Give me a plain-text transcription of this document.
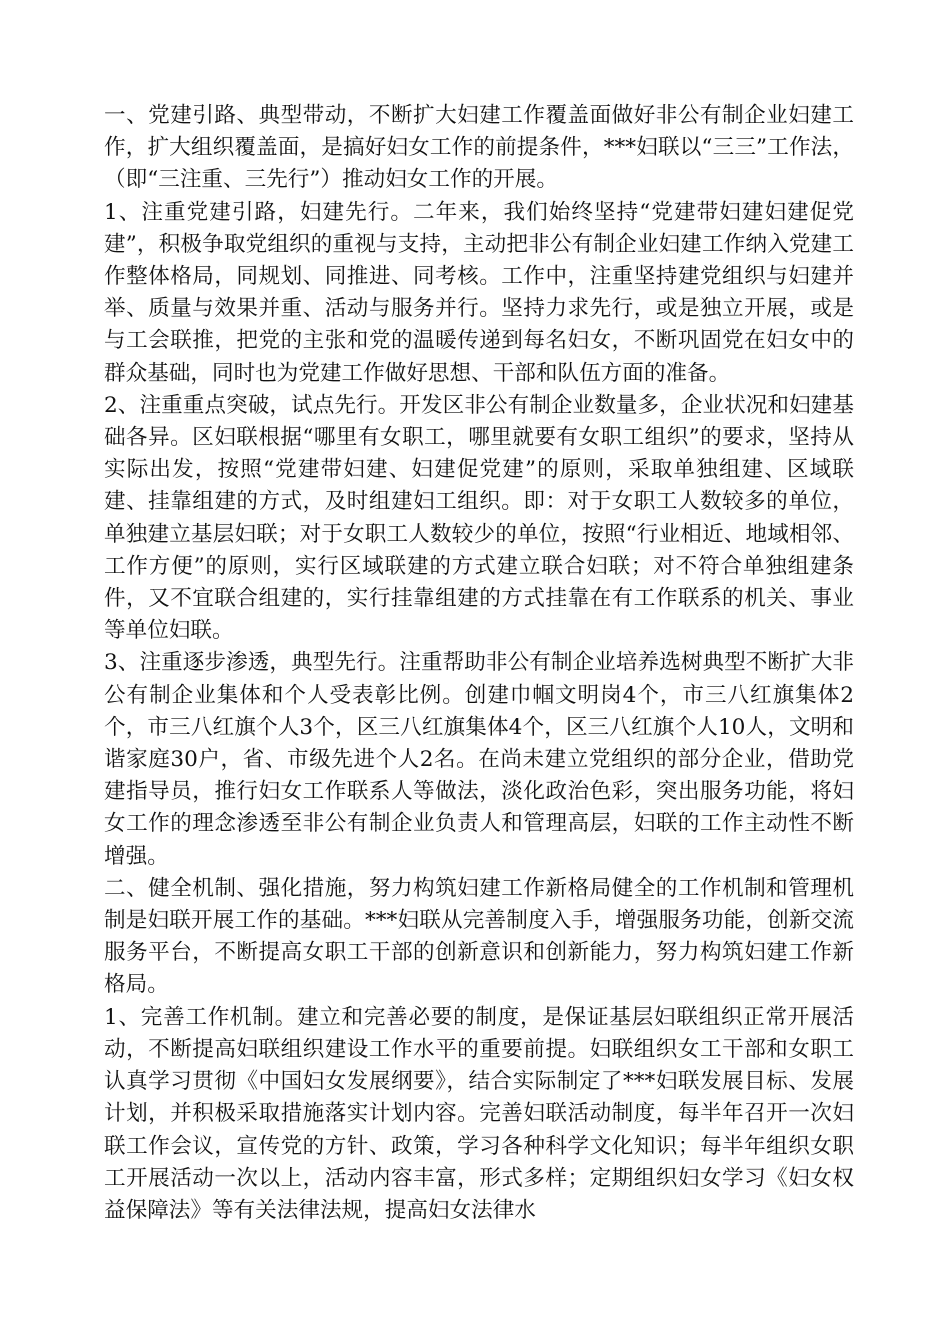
一、党建引路、典型带动，不断扩大妇建工作覆盖面做好非公有制企业妇建工作，扩大组织覆盖面，是搞好妇女工作的前提条件，***妇联以“三三”工作法，（即“三注重、三先行”）推动妇女工作的开展。

1、注重党建引路，妇建先行。二年来，我们始终坚持“党建带妇建妇建促党建”，积极争取党组织的重视与支持，主动把非公有制企业妇建工作纳入党建工作整体格局，同规划、同推进、同考核。工作中，注重坚持建党组织与妇建并举、质量与效果并重、活动与服务并行。坚持力求先行，或是独立开展，或是与工会联推，把党的主张和党的温暖传递到每名妇女，不断巩固党在妇女中的群众基础，同时也为党建工作做好思想、干部和队伍方面的准备。

2、注重重点突破，试点先行。开发区非公有制企业数量多，企业状况和妇建基础各异。区妇联根据“哪里有女职工，哪里就要有女职工组织”的要求，坚持从实际出发，按照“党建带妇建、妇建促党建”的原则，采取单独组建、区域联建、挂靠组建的方式，及时组建妇工组织。即：对于女职工人数较多的单位，单独建立基层妇联；对于女职工人数较少的单位，按照“行业相近、地域相邻、工作方便”的原则，实行区域联建的方式建立联合妇联；对不符合单独组建条件，又不宜联合组建的，实行挂靠组建的方式挂靠在有工作联系的机关、事业等单位妇联。

3、注重逐步渗透，典型先行。注重帮助非公有制企业培养选树典型不断扩大非公有制企业集体和个人受表彰比例。创建巾帼文明岗4个，市三八红旗集体2个，市三八红旗个人3个，区三八红旗集体4个，区三八红旗个人10人，文明和谐家庭30户，省、市级先进个人2名。在尚未建立党组织的部分企业，借助党建指导员，推行妇女工作联系人等做法，淡化政治色彩，突出服务功能，将妇女工作的理念渗透至非公有制企业负责人和管理高层，妇联的工作主动性不断增强。

二、健全机制、强化措施，努力构筑妇建工作新格局健全的工作机制和管理机制是妇联开展工作的基础。***妇联从完善制度入手，增强服务功能，创新交流服务平台，不断提高女职工干部的创新意识和创新能力，努力构筑妇建工作新格局。

1、完善工作机制。建立和完善必要的制度，是保证基层妇联组织正常开展活动，不断提高妇联组织建设工作水平的重要前提。妇联组织女工干部和女职工认真学习贯彻《中国妇女发展纲要》，结合实际制定了***妇联发展目标、发展计划，并积极采取措施落实计划内容。完善妇联活动制度，每半年召开一次妇联工作会议，宣传党的方针、政策，学习各种科学文化知识；每半年组织女职工开展活动一次以上，活动内容丰富，形式多样；定期组织妇女学习《妇女权益保障法》等有关法律法规，提高妇女法律水
